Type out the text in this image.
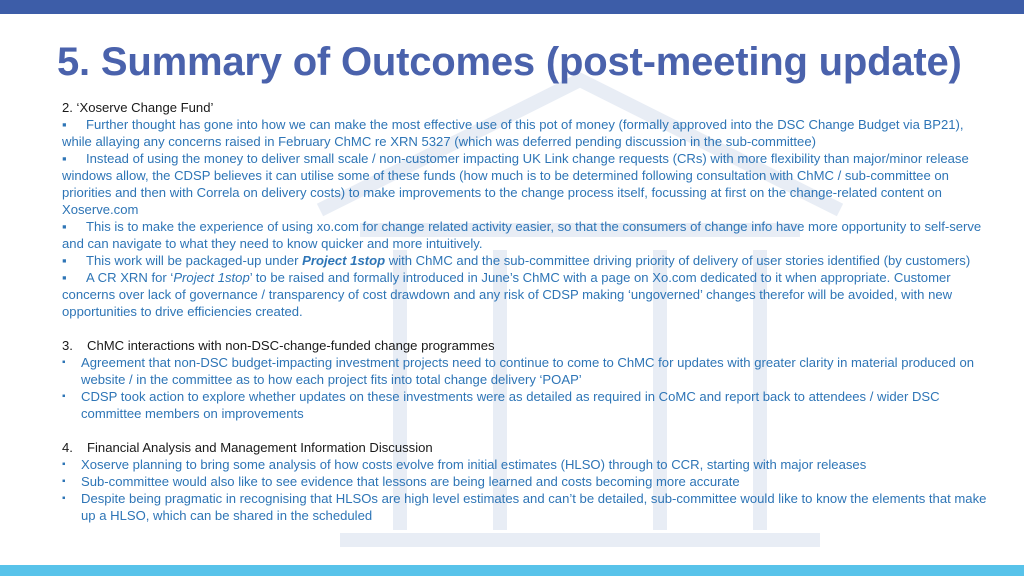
5. Summary of Outcomes (post-meeting update)

2. ‘Xoserve Change Fund’

▪ Further thought has gone into how we can make the most effective use of this pot of money (formally approved into the DSC Change Budget via BP21), while allaying any concerns raised in February ChMC re XRN 5327 (which was deferred pending discussion in the sub-committee)

▪ Instead of using the money to deliver small scale / non-customer impacting UK Link change requests (CRs) with more flexibility than major/minor release windows allow, the CDSP believes it can utilise some of these funds (how much is to be determined following consultation with ChMC / sub-committee on priorities and then with Correla on delivery costs) to make improvements to the change process itself, focussing at first on the change-related content on Xoserve.com

▪ This is to make the experience of using xo.com for change related activity easier, so that the consumers of change info have more opportunity to self-serve and can navigate to what they need to know quicker and more intuitively.

▪ This work will be packaged-up under Project 1stop with ChMC and the sub-committee driving priority of delivery of user stories identified (by customers)

▪ A CR XRN for ‘Project 1stop’ to be raised and formally introduced in June’s ChMC with a page on Xo.com dedicated to it when appropriate. Customer concerns over lack of governance / transparency of cost drawdown and any risk of CDSP making ‘ungoverned’ changes therefor will be avoided, with new opportunities to drive efficiencies created.

3. ChMC interactions with non-DSC-change-funded change programmes

▪ Agreement that non-DSC budget-impacting investment projects need to continue to come to ChMC for updates with greater clarity in material produced on website / in the committee as to how each project fits into total change delivery ‘POAP’
▪ CDSP took action to explore whether updates on these investments were as detailed as required in CoMC and report back to attendees / wider DSC committee members on improvements

4. Financial Analysis and Management Information Discussion

▪ Xoserve planning to bring some analysis of how costs evolve from initial estimates (HLSO) through to CCR, starting with major releases
▪ Sub-committee would also like to see evidence that lessons are being learned and costs becoming more accurate
▪ Despite being pragmatic in recognising that HLSOs are high level estimates and can’t be detailed, sub-committee would like to know the elements that make up a HLSO, which can be shared in the scheduled
